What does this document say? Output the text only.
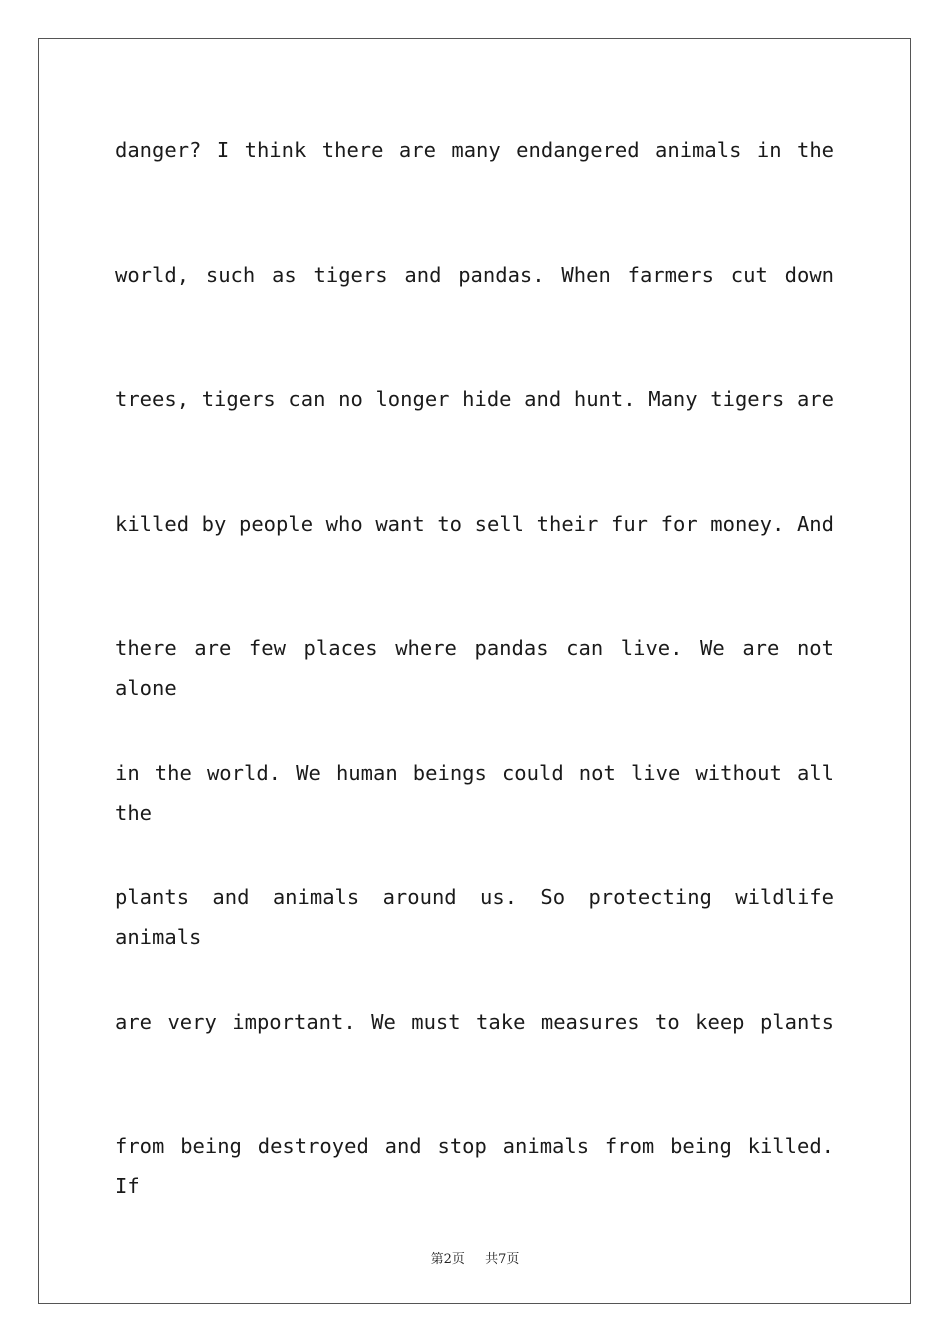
danger? I think there are many endangered animals in the
world, such as tigers and pandas. When farmers cut down
trees, tigers can no longer hide and hunt. Many tigers are
killed by people who want to sell their fur for money. And
there are few places where pandas can live. We are not alone
in the world. We human beings could not live without all the
plants and animals around us. So protecting wildlife animals
are very important. We must take measures to keep plants
from being destroyed and stop animals from being killed. If
第2页 共7页
